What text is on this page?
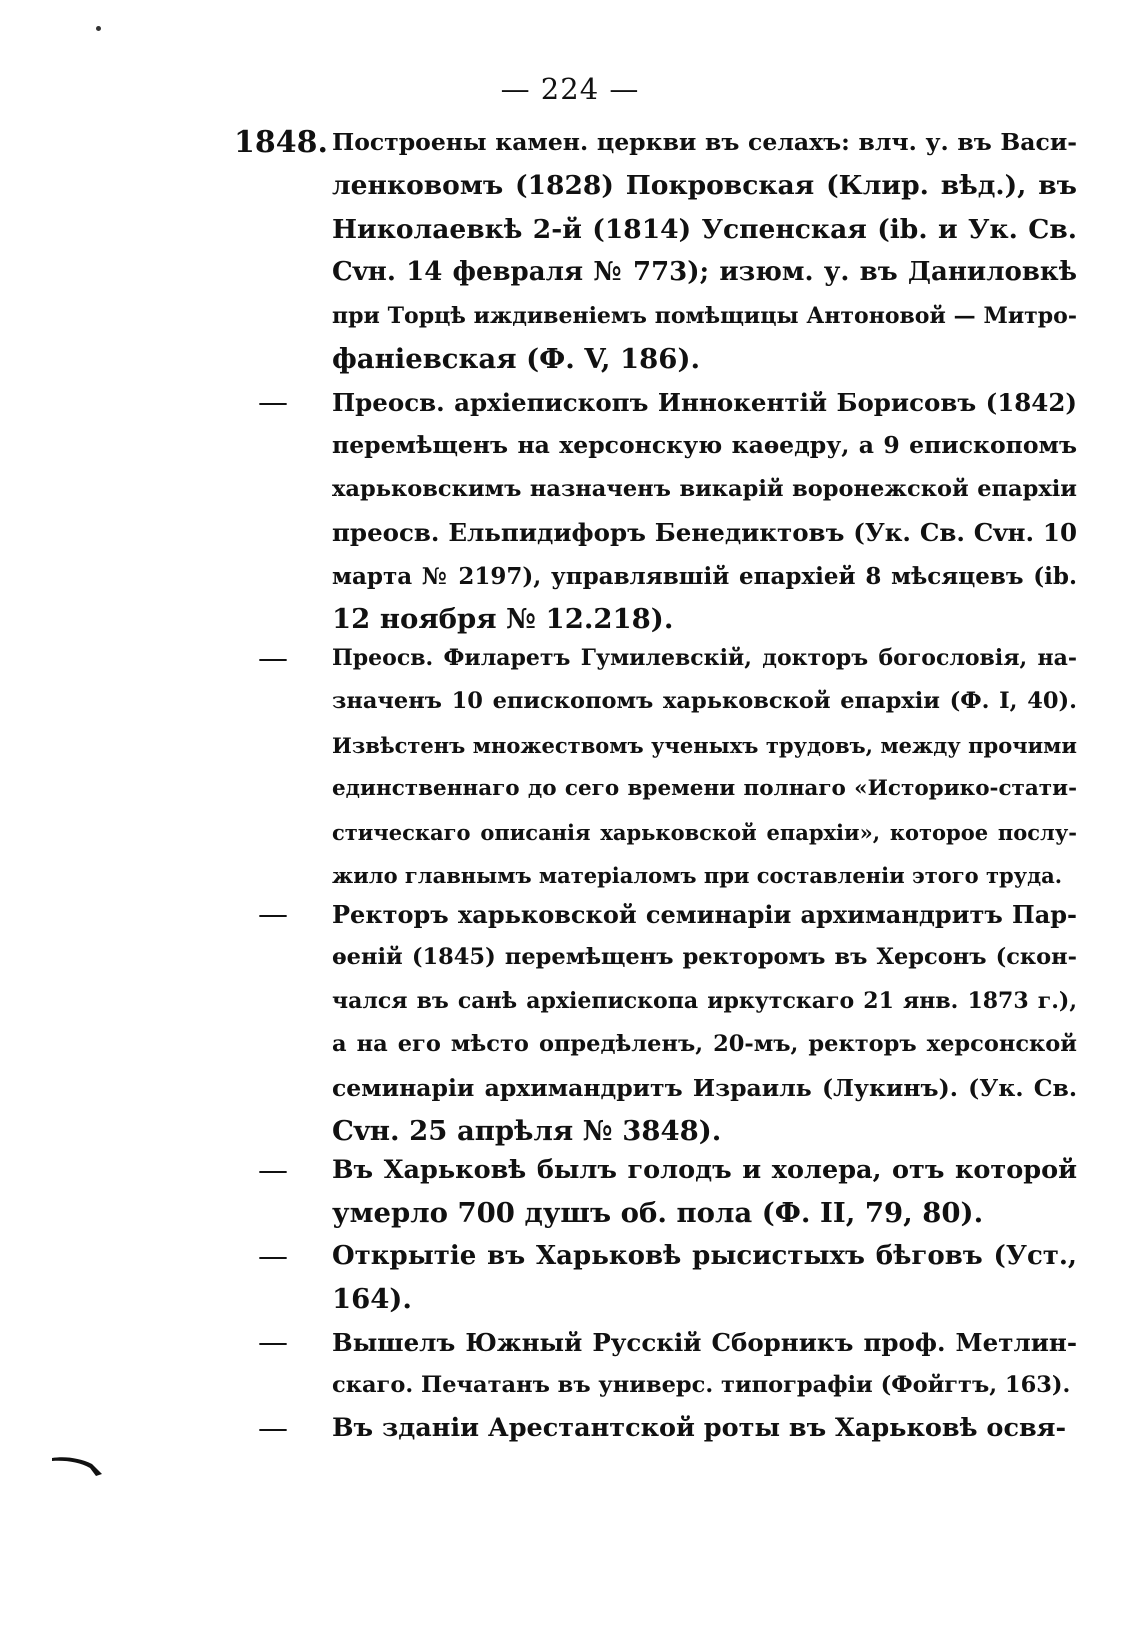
— 224 —
1848. Построены камен. церкви въ селахъ: влч. у. въ Васи-
ленковомъ (1828) Покровская (Клир. вѣд.), въ
Николаевкѣ 2-й (1814) Успенская (ib. и Ук. Св.
Сvн. 14 февраля № 773); изюм. у. въ Даниловкѣ
при Торцѣ иждивеніемъ помѣщицы Антоновой — Митро-
фаніевская (Ф. V, 186).
— Преосв. архіепископъ Иннокентій Борисовъ (1842)
перемѣщенъ на херсонскую каѳедру, а 9 епископомъ
харьковскимъ назначенъ викарій воронежской епархіи
преосв. Ельпидифоръ Бенедиктовъ (Ук. Св. Сvн. 10
марта № 2197), управлявшій епархіей 8 мѣсяцевъ (ib.
12 ноября № 12.218).
— Преосв. Филаретъ Гумилевскій, докторъ богословія, на-
значенъ 10 епископомъ харьковской епархіи (Ф. I, 40).
Извѣстенъ множествомъ ученыхъ трудовъ, между прочими
единственнаго до сего времени полнаго «Историко-стати-
стическаго описанія харьковской епархіи», которое послу-
жило главнымъ матеріаломъ при составленіи этого труда.
— Ректоръ харьковской семинаріи архимандритъ Пар-
ѳеній (1845) перемѣщенъ ректоромъ въ Херсонъ (скон-
чался въ санѣ архіепископа иркутскаго 21 янв. 1873 г.),
а на его мѣсто опредѣленъ, 20-мъ, ректоръ херсонской
семинаріи архимандритъ Израиль (Лукинъ). (Ук. Св.
Сvн. 25 апрѣля № 3848).
— Въ Харьковѣ былъ голодъ и холера, отъ которой
умерло 700 душъ об. пола (Ф. II, 79, 80).
— Открытіе въ Харьковѣ рысистыхъ бѣговъ (Уст.,
164).
— Вышелъ Южный Русскій Сборникъ проф. Метлин-
скаго. Печатанъ въ универс. типографіи (Фойгтъ, 163).
— Въ зданіи Арестантской роты въ Харьковѣ освя-
